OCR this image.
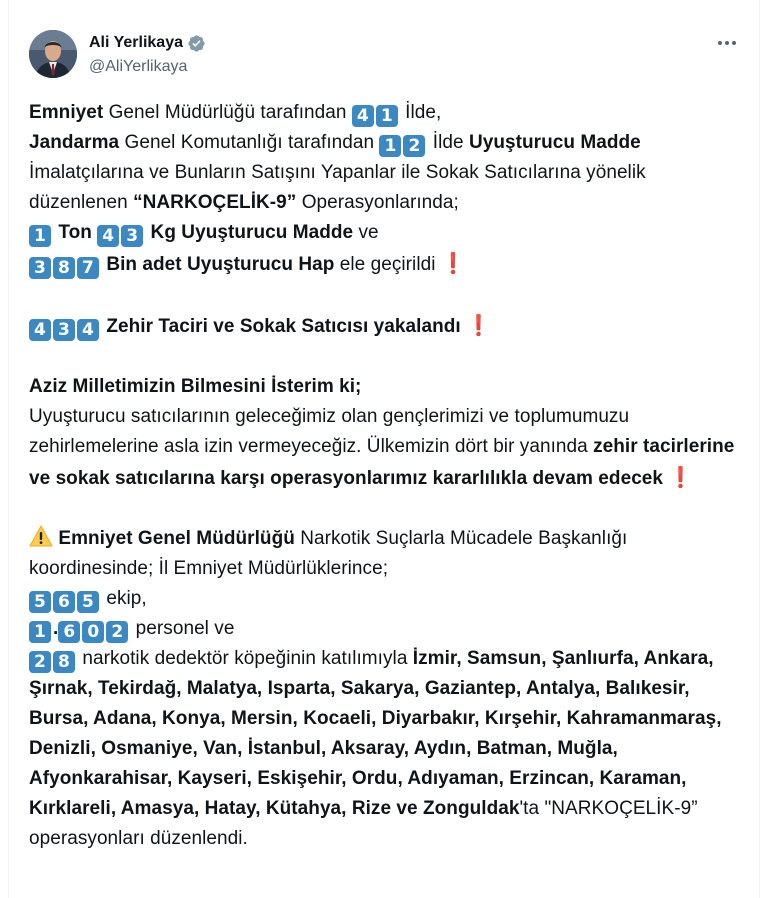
Ali Yerlikaya
@AliYerlikaya

Emniyet Genel Müdürlüğü tarafından 4 1 İlde,
Jandarma Genel Komutanlığı tarafından 1 2 İlde Uyuşturucu Madde İmalatçılarına ve Bunların Satışını Yapanlar ile Sokak Satıcılarına yönelik düzenlenen “NARKOÇELİK-9” Operasyonlarında;
1 Ton 4 3 Kg Uyuşturucu Madde ve
3 8 7 Bin adet Uyuşturucu Hap ele geçirildi ❗

4 3 4 Zehir Taciri ve Sokak Satıcısı yakalandı ❗

Aziz Milletimizin Bilmesini İsterim ki;
Uyuşturucu satıcılarının geleceğimiz olan gençlerimizi ve toplumumuzu zehirlemelerine asla izin vermeyeceğiz. Ülkemizin dört bir yanında zehir tacirlerine ve sokak satıcılarına karşı operasyonlarımız kararlılıkla devam edecek ❗

Emniyet Genel Müdürlüğü Narkotik Suçlarla Mücadele Başkanlığı koordinesinde; İl Emniyet Müdürlüklerince;
5 6 5 ekip,
1 . 6 0 2 personel ve
2 8 narkotik dedektör köpeğinin katılımıyla İzmir, Samsun, Şanlıurfa, Ankara, Şırnak, Tekirdağ, Malatya, Isparta, Sakarya, Gaziantep, Antalya, Balıkesir, Bursa, Adana, Konya, Mersin, Kocaeli, Diyarbakır, Kırşehir, Kahramanmaraş, Denizli, Osmaniye, Van, İstanbul, Aksaray, Aydın, Batman, Muğla, Afyonkarahisar, Kayseri, Eskişehir, Ordu, Adıyaman, Erzincan, Karaman, Kırklareli, Amasya, Hatay, Kütahya, Rize ve Zonguldak'ta "NARKOÇELİK-9” operasyonları düzenlendi.
